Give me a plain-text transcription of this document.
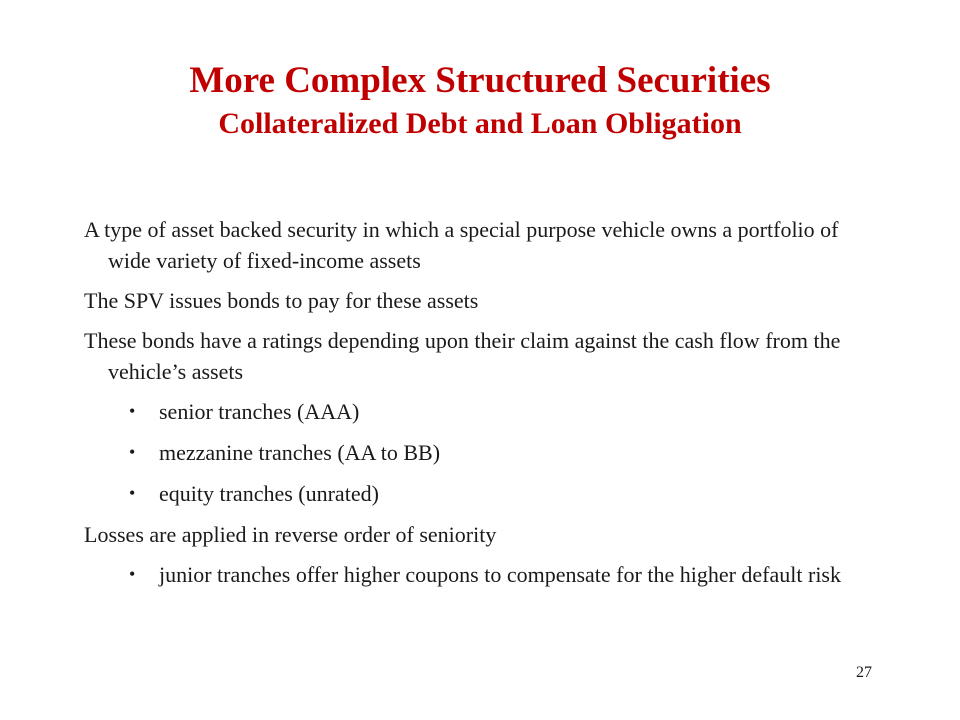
More Complex Structured Securities
Collateralized Debt and Loan Obligation

A type of asset backed security in which a special purpose vehicle owns a portfolio of wide variety of fixed-income assets

The SPV issues bonds to pay for these assets

These bonds have a ratings depending upon their claim against the cash flow from the vehicle’s assets

• senior tranches (AAA)
• mezzanine tranches (AA to BB)
• equity tranches (unrated)

Losses are applied in reverse order of seniority

• junior tranches offer higher coupons to compensate for the higher default risk
27
